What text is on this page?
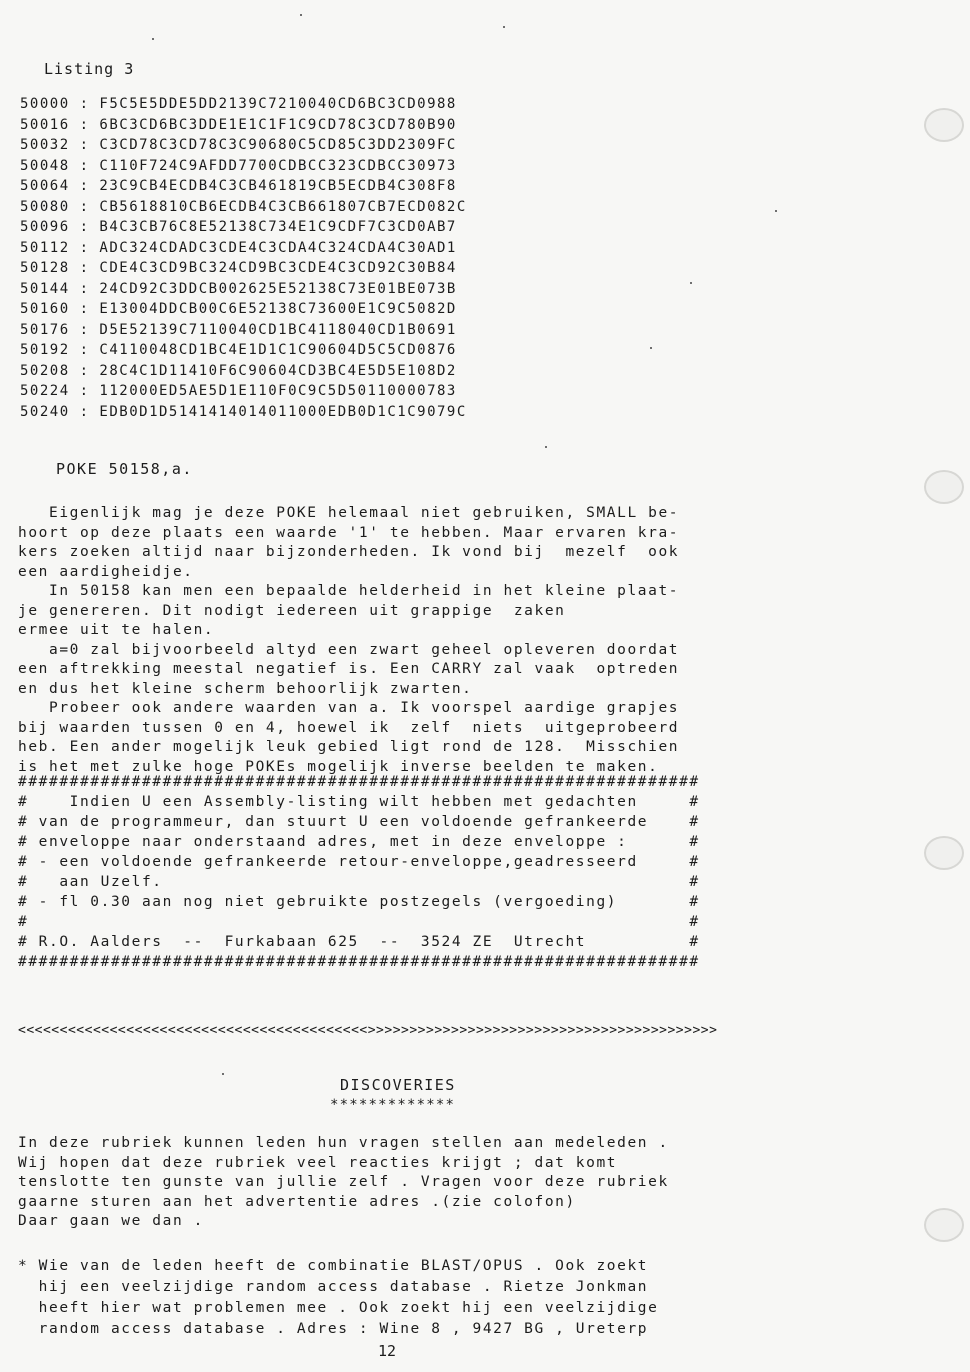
Listing 3
50000 : F5C5E5DDE5DD2139C7210040CD6BC3CD0988
50016 : 6BC3CD6BC3DDE1E1C1F1C9CD78C3CD780B90
50032 : C3CD78C3CD78C3C90680C5CD85C3DD2309FC
50048 : C110F724C9AFDD7700CDBCC323CDBCC30973
50064 : 23C9CB4ECDB4C3CB461819CB5ECDB4C308F8
50080 : CB5618810CB6ECDB4C3CB661807CB7ECD082C
50096 : B4C3CB76C8E52138C734E1C9CDF7C3CD0AB7
50112 : ADC324CDADC3CDE4C3CDA4C324CDA4C30AD1
50128 : CDE4C3CD9BC324CD9BC3CDE4C3CD92C30B84
50144 : 24CD92C3DDCB002625E52138C73E01BE073B
50160 : E13004DDCB00C6E52138C73600E1C9C5082D
50176 : D5E52139C7110040CD1BC4118040CD1B0691
50192 : C4110048CD1BC4E1D1C1C90604D5C5CD0876
50208 : 28C4C1D11410F6C90604CD3BC4E5D5E108D2
50224 : 112000ED5AE5D1E110F0C9C5D50110000783
50240 : EDB0D1D5141414014011000EDB0D1C1C9079C
POKE 50158,a.
Eigenlijk mag je deze POKE helemaal niet gebruiken, SMALL be-
hoort op deze plaats een waarde '1' te hebben. Maar ervaren kra-
kers zoeken altijd naar bijzonderheden. Ik vond bij  mezelf  ook
een aardigheidje.
In 50158 kan men een bepaalde helderheid in het kleine plaat-
je genereren. Dit nodigt iedereen uit grappige  zaken
ermee uit te halen.
a=0 zal bijvoorbeeld altyd een zwart geheel opleveren doordat
een aftrekking meestal negatief is. Een CARRY zal vaak  optreden
en dus het kleine scherm behoorlijk zwarten.
Probeer ook andere waarden van a. Ik voorspel aardige grapjes
bij waarden tussen 0 en 4, hoewel ik  zelf  niets  uitgeprobeerd
heb. Een ander mogelijk leuk gebied ligt rond de 128.  Misschien
is het met zulke hoge POKEs mogelijk inverse beelden te maken.
##################################################################
#    Indien U een Assembly-listing wilt hebben met gedachten     #
# van de programmeur, dan stuurt U een voldoende gefrankeerde    #
# enveloppe naar onderstaand adres, met in deze enveloppe :      #
# - een voldoende gefrankeerde retour-enveloppe,geadresseerd     #
#   aan Uzelf.                                                   #
# - fl 0.30 aan nog niet gebruikte postzegels (vergoeding)       #
#                                                                #
# R.O. Aalders  --  Furkabaan 625  --  3524 ZE  Utrecht          #
##################################################################
<<<<<<<<<<<<<<<<<<<<<<<<<<<<<<<<<<<<<<<<<<>>>>>>>>>>>>>>>>>>>>>>>>>>>>>>>>>>>>>>>>>>
DISCOVERIES
*************
In deze rubriek kunnen leden hun vragen stellen aan medeleden .
Wij hopen dat deze rubriek veel reacties krijgt ; dat komt
tenslotte ten gunste van jullie zelf . Vragen voor deze rubriek
gaarne sturen aan het advertentie adres .(zie colofon)
Daar gaan we dan .
* Wie van de leden heeft de combinatie BLAST/OPUS . Ook zoekt
hij een veelzijdige random access database . Rietze Jonkman
heeft hier wat problemen mee . Ook zoekt hij een veelzijdige
random access database . Adres : Wine 8 , 9427 BG , Ureterp
12
